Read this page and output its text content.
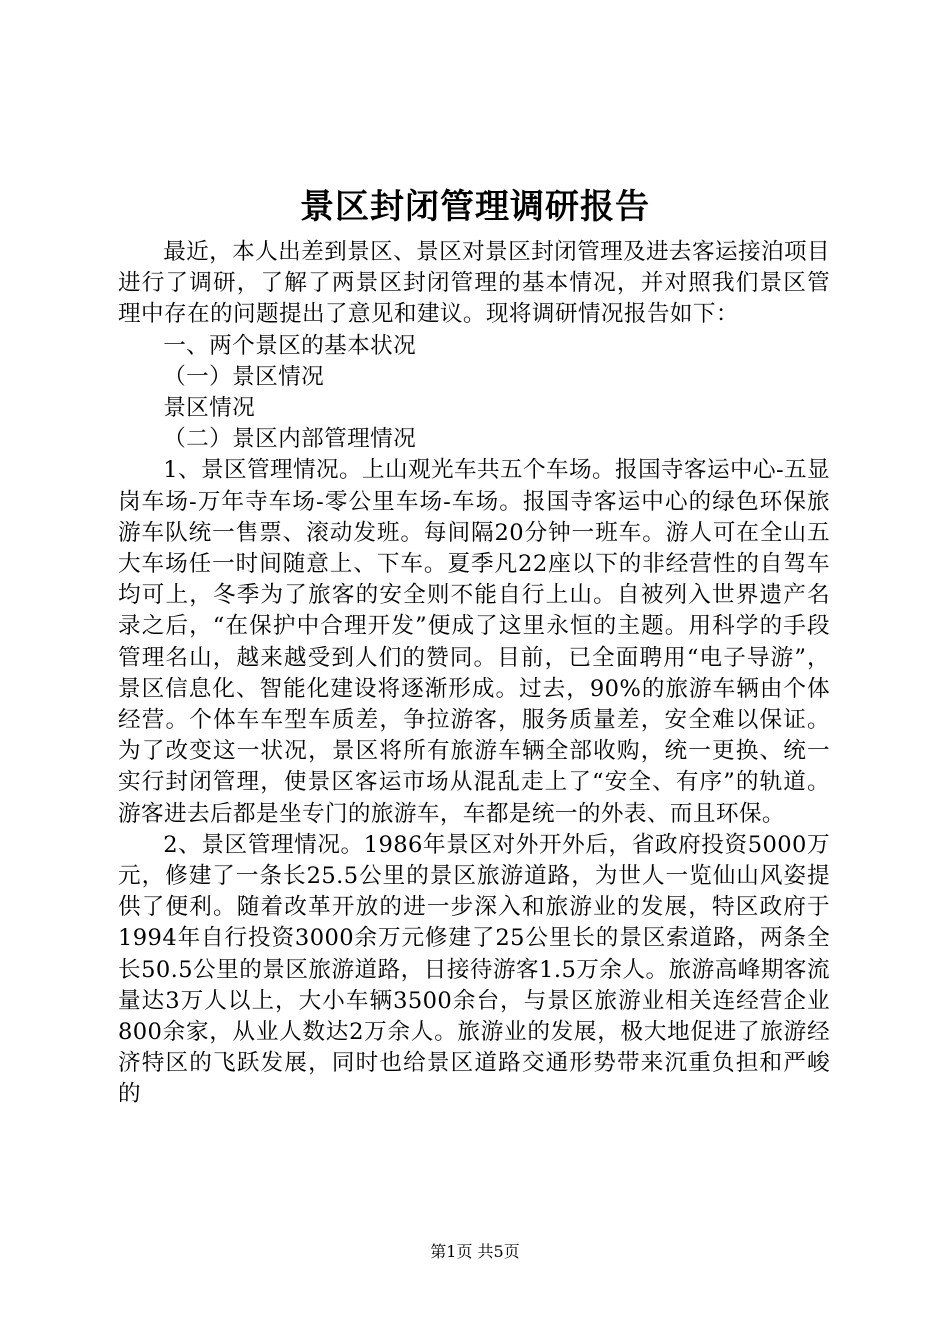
景区封闭管理调研报告

最近，本人出差到景区、景区对景区封闭管理及进去客运接泊项目进行了调研，了解了两景区封闭管理的基本情况，并对照我们景区管理中存在的问题提出了意见和建议。现将调研情况报告如下：

一、两个景区的基本状况

（一）景区情况

景区情况

（二）景区内部管理情况

1、景区管理情况。上山观光车共五个车场。报国寺客运中心-五显岗车场-万年寺车场-零公里车场-车场。报国寺客运中心的绿色环保旅游车队统一售票、滚动发班。每间隔20分钟一班车。游人可在全山五大车场任一时间随意上、下车。夏季凡22座以下的非经营性的自驾车均可上，冬季为了旅客的安全则不能自行上山。自被列入世界遗产名录之后，“在保护中合理开发”便成了这里永恒的主题。用科学的手段管理名山，越来越受到人们的赞同。目前，已全面聘用“电子导游”，景区信息化、智能化建设将逐渐形成。过去，90%的旅游车辆由个体经营。个体车车型车质差，争拉游客，服务质量差，安全难以保证。为了改变这一状况，景区将所有旅游车辆全部收购，统一更换、统一实行封闭管理，使景区客运市场从混乱走上了“安全、有序”的轨道。游客进去后都是坐专门的旅游车，车都是统一的外表、而且环保。

2、景区管理情况。1986年景区对外开外后，省政府投资5000万元，修建了一条长25.5公里的景区旅游道路，为世人一览仙山风姿提供了便利。随着改革开放的进一步深入和旅游业的发展，特区政府于1994年自行投资3000余万元修建了25公里长的景区索道路，两条全长50.5公里的景区旅游道路，日接待游客1.5万余人。旅游高峰期客流量达3万人以上，大小车辆3500余台，与景区旅游业相关连经营企业800余家，从业人数达2万余人。旅游业的发展，极大地促进了旅游经济特区的飞跃发展，同时也给景区道路交通形势带来沉重负担和严峻的

第1页 共5页
